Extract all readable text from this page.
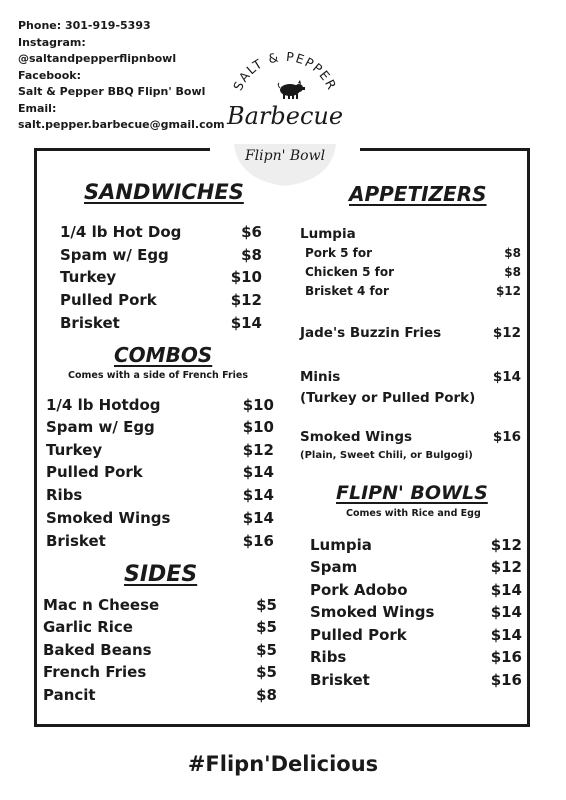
Phone: 301-919-5393
Instagram:
@saltandpepperflipnbowl
Facebook:
Salt & Pepper BBQ Flipn' Bowl
Email:
salt.pepper.barbecue@gmail.com
SALT & PEPPER
Barbecue
Flipn' Bowl
SANDWICHES
1/4 lb Hot Dog	$6
Spam w/ Egg	$8
Turkey	$10
Pulled Pork	$12
Brisket	$14
COMBOS
Comes with a side of French Fries
1/4 lb Hotdog	$10
Spam w/ Egg	$10
Turkey	$12
Pulled Pork	$14
Ribs	$14
Smoked Wings	$14
Brisket	$16
SIDES
Mac n Cheese	$5
Garlic Rice	$5
Baked Beans	$5
French Fries	$5
Pancit	$8
APPETIZERS
Lumpia
Pork 5 for	$8
Chicken 5 for	$8
Brisket 4 for	$12
Jade's Buzzin Fries	$12
Minis	$14
(Turkey or Pulled Pork)
Smoked Wings	$16
(Plain, Sweet Chili, or Bulgogi)
FLIPN' BOWLS
Comes with Rice and Egg
Lumpia	$12
Spam	$12
Pork Adobo	$14
Smoked Wings	$14
Pulled Pork	$14
Ribs	$16
Brisket	$16
#Flipn'Delicious
